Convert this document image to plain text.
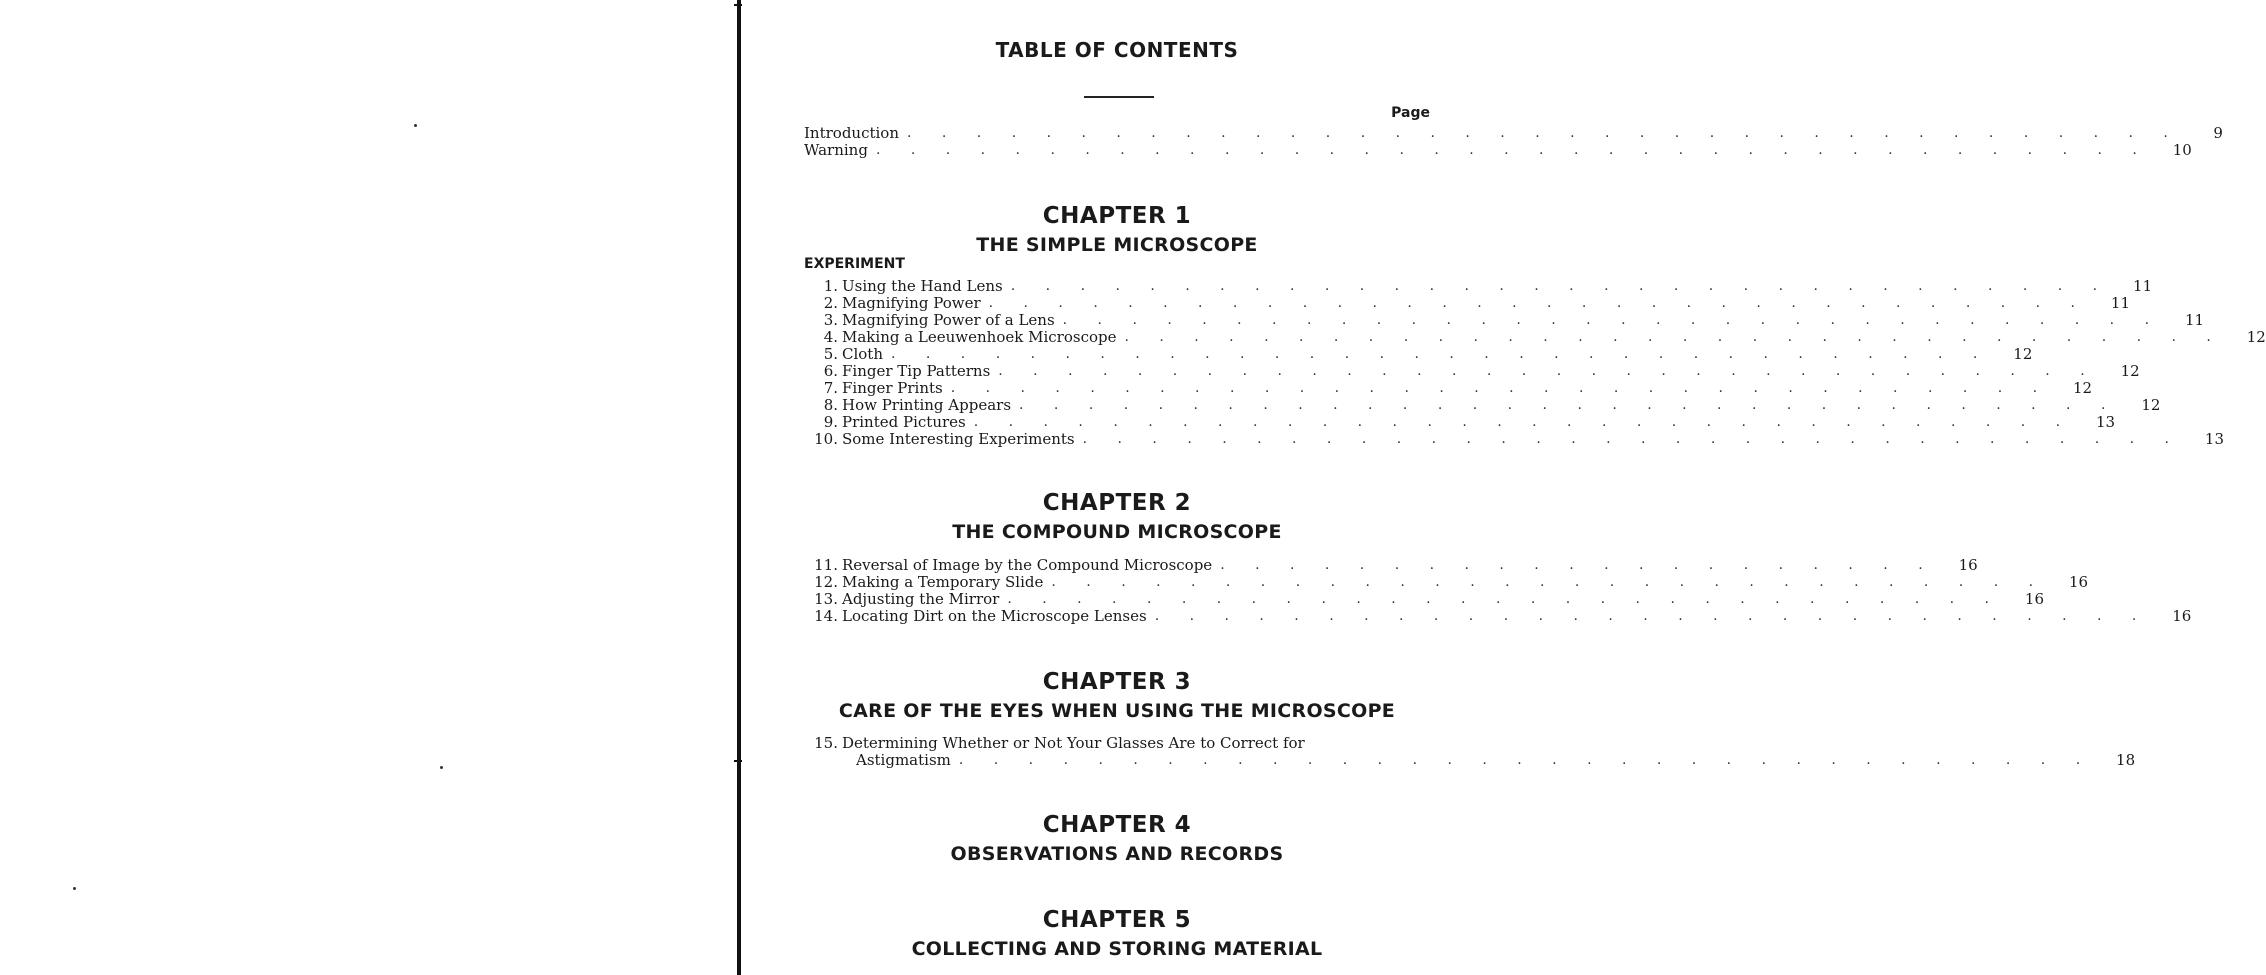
TABLE OF CONTENTS
Page
Introduction . . . . . . . . . . . . . . . . . . . . . . . . . . . . . . . . . . . . .	9
Warning . . . . . . . . . . . . . . . . . . . . . . . . . . . . . . . . . . . . .	10
CHAPTER 1
THE SIMPLE MICROSCOPE
EXPERIMENT
1. Using the Hand Lens . . . . . . . . . . . . . . . . . . . . . . . . . . . . . . . .	11
2. Magnifying Power . . . . . . . . . . . . . . . . . . . . . . . . . . . . . . . .	11
3. Magnifying Power of a Lens . . . . . . . . . . . . . . . . . . . . . . . . . . . . . . . .	11
4. Making a Leeuwenhoek Microscope . . . . . . . . . . . . . . . . . . . . . . . . . . . . . . . .	12
5. Cloth . . . . . . . . . . . . . . . . . . . . . . . . . . . . . . . .	12
6. Finger Tip Patterns . . . . . . . . . . . . . . . . . . . . . . . . . . . . . . . .	12
7. Finger Prints . . . . . . . . . . . . . . . . . . . . . . . . . . . . . . . .	12
8. How Printing Appears . . . . . . . . . . . . . . . . . . . . . . . . . . . . . . . .	12
9. Printed Pictures . . . . . . . . . . . . . . . . . . . . . . . . . . . . . . . .	13
10. Some Interesting Experiments . . . . . . . . . . . . . . . . . . . . . . . . . . . . . . . .	13
CHAPTER 2
THE COMPOUND MICROSCOPE
11. Reversal of Image by the Compound Microscope . . . . . . . . . . . . . . . . . . . . .	16
12. Making a Temporary Slide . . . . . . . . . . . . . . . . . . . . . . . . . . . . .	16
13. Adjusting the Mirror . . . . . . . . . . . . . . . . . . . . . . . . . . . . .	16
14. Locating Dirt on the Microscope Lenses . . . . . . . . . . . . . . . . . . . . . . . . . . . . .	16
CHAPTER 3
CARE OF THE EYES WHEN USING THE MICROSCOPE
15. Determining Whether or Not Your Glasses Are to Correct for
Astigmatism . . . . . . . . . . . . . . . . . . . . . . . . . . . . . . . . .	18
CHAPTER 4
OBSERVATIONS AND RECORDS
CHAPTER 5
COLLECTING AND STORING MATERIAL
